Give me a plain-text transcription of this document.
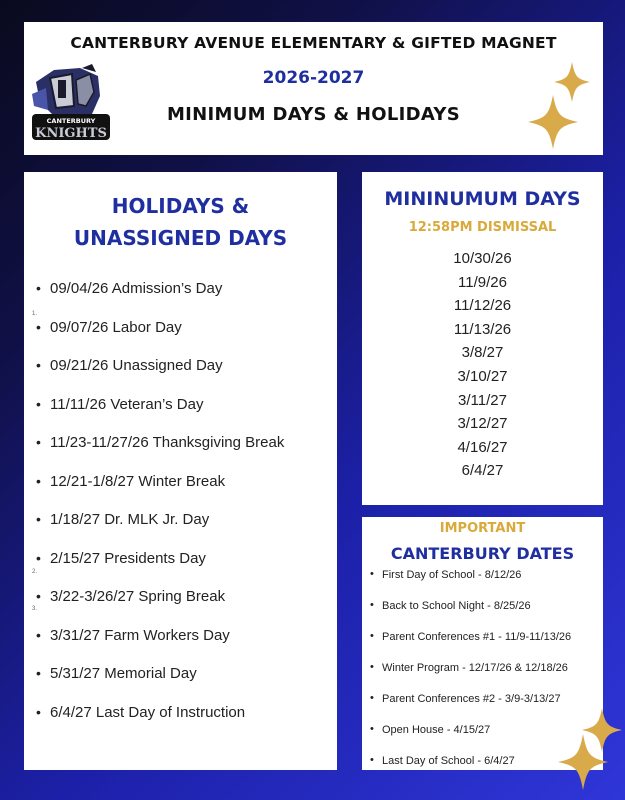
CANTERBURY
KNIGHTS
CANTERBURY AVENUE ELEMENTARY & GIFTED MAGNET
2026-2027
MINIMUM DAYS & HOLIDAYS
HOLIDAYS &
UNASSIGNED DAYS
1.
2.
3.
• 09/04/26 Admission’s Day
• 09/07/26 Labor Day
• 09/21/26 Unassigned Day
• 11/11/26 Veteran’s Day
• 11/23-11/27/26 Thanksgiving Break
• 12/21-1/8/27 Winter Break
• 1/18/27 Dr. MLK Jr. Day
• 2/15/27 Presidents Day
• 3/22-3/26/27 Spring Break
• 3/31/27 Farm Workers Day
• 5/31/27 Memorial Day
• 6/4/27 Last Day of Instruction
MININUMUM DAYS
12:58PM DISMISSAL
10/30/26
11/9/26
11/12/26
11/13/26
3/8/27
3/10/27
3/11/27
3/12/27
4/16/27
6/4/27
IMPORTANT
CANTERBURY DATES
• First Day of School - 8/12/26
• Back to School Night - 8/25/26
• Parent Conferences #1 - 11/9-11/13/26
• Winter Program - 12/17/26 & 12/18/26
• Parent Conferences #2 - 3/9-3/13/27
• Open House - 4/15/27
• Last Day of School - 6/4/27
